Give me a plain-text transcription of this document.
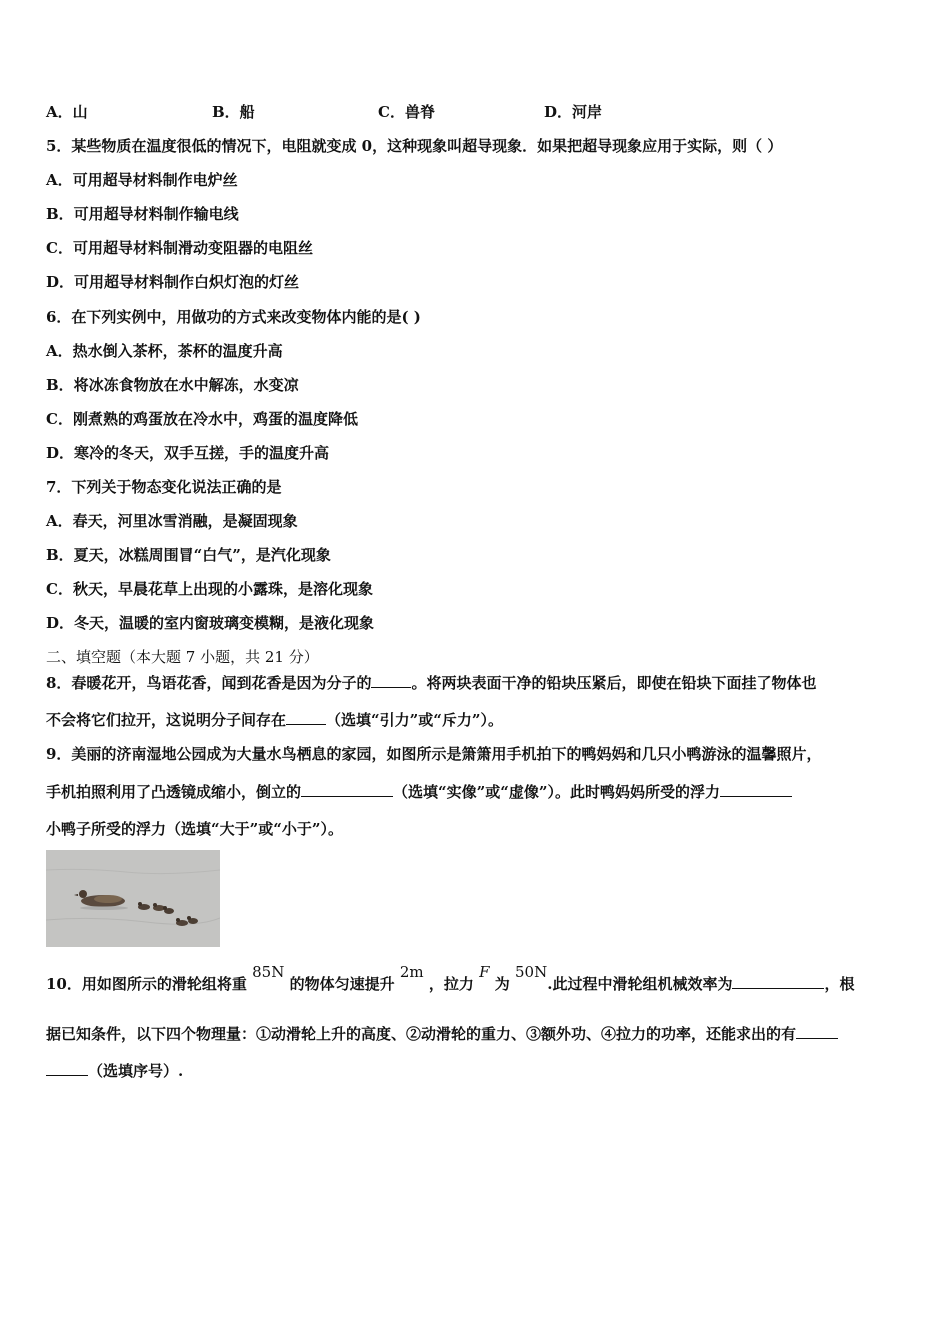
A．山	B．船	C．兽脊	D．河岸
5．某些物质在温度很低的情况下，电阻就变成 0，这种现象叫超导现象．如果把超导现象应用于实际，则（ ）
A．可用超导材料制作电炉丝
B．可用超导材料制作输电线
C．可用超导材料制滑动变阻器的电阻丝
D．可用超导材料制作白炽灯泡的灯丝
6．在下列实例中，用做功的方式来改变物体内能的是( )
A．热水倒入茶杯，茶杯的温度升高
B．将冰冻食物放在水中解冻，水变凉
C．刚煮熟的鸡蛋放在冷水中，鸡蛋的温度降低
D．寒冷的冬天，双手互搓，手的温度升高
7．下列关于物态变化说法正确的是
A．春天，河里冰雪消融，是凝固现象
B．夏天，冰糕周围冒“白气”，是汽化现象
C．秋天，早晨花草上出现的小露珠，是溶化现象
D．冬天，温暖的室内窗玻璃变模糊，是液化现象
二、填空题（本大题 7 小题，共 21 分）
8．春暖花开，鸟语花香，闻到花香是因为分子的	。将两块表面干净的铅块压紧后，即使在铅块下面挂了物体也
不会将它们拉开，这说明分子间存在	（选填“引力”或“斥力”）。
9．美丽的济南湿地公园成为大量水鸟栖息的家园，如图所示是箫箫用手机拍下的鸭妈妈和几只小鸭游泳的温馨照片，
手机拍照利用了凸透镜成缩小，倒立的	（选填“实像”或“虚像”）。此时鸭妈妈所受的浮力
小鸭子所受的浮力（选填“大于”或“小于”）。
10．用如图所示的滑轮组将重 85N 的物体匀速提升 2m ，拉力 F 为 50N.此过程中滑轮组机械效率为	，根
据已知条件，以下四个物理量：①动滑轮上升的高度、②动滑轮的重力、③额外功、④拉力的功率，还能求出的有
（选填序号）.
